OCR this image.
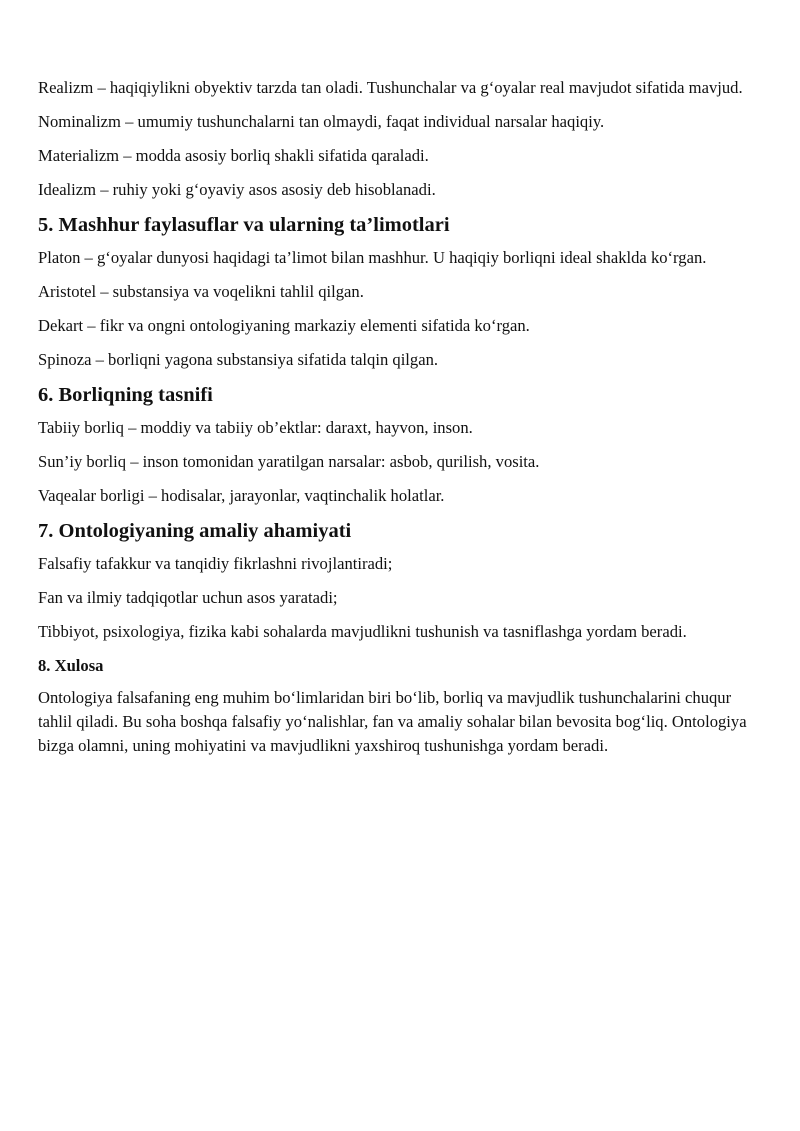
Realizm – haqiqiylikni obyektiv tarzda tan oladi. Tushunchalar va g‘oyalar real mavjudot sifatida mavjud.

Nominalizm – umumiy tushunchalarni tan olmaydi, faqat individual narsalar haqiqiy.

Materializm – modda asosiy borliq shakli sifatida qaraladi.

Idealizm – ruhiy yoki g‘oyaviy asos asosiy deb hisoblanadi.

5. Mashhur faylasuflar va ularning ta’limotlari

Platon – g‘oyalar dunyosi haqidagi ta’limot bilan mashhur. U haqiqiy borliqni ideal shaklda ko‘rgan.

Aristotel – substansiya va voqelikni tahlil qilgan.

Dekart – fikr va ongni ontologiyaning markaziy elementi sifatida ko‘rgan.

Spinoza – borliqni yagona substansiya sifatida talqin qilgan.

6. Borliqning tasnifi

Tabiiy borliq – moddiy va tabiiy ob’ektlar: daraxt, hayvon, inson.

Sun’iy borliq – inson tomonidan yaratilgan narsalar: asbob, qurilish, vosita.

Vaqealar borligi – hodisalar, jarayonlar, vaqtinchalik holatlar.

7. Ontologiyaning amaliy ahamiyati

Falsafiy tafakkur va tanqidiy fikrlashni rivojlantiradi;

Fan va ilmiy tadqiqotlar uchun asos yaratadi;

Tibbiyot, psixologiya, fizika kabi sohalarda mavjudlikni tushunish va tasniflashga yordam beradi.

8. Xulosa

Ontologiya falsafaning eng muhim bo‘limlaridan biri bo‘lib, borliq va mavjudlik tushunchalarini chuqur tahlil qiladi. Bu soha boshqa falsafiy yo‘nalishlar, fan va amaliy sohalar bilan bevosita bog‘liq. Ontologiya bizga olamni, uning mohiyatini va mavjudlikni yaxshiroq tushunishga yordam beradi.
